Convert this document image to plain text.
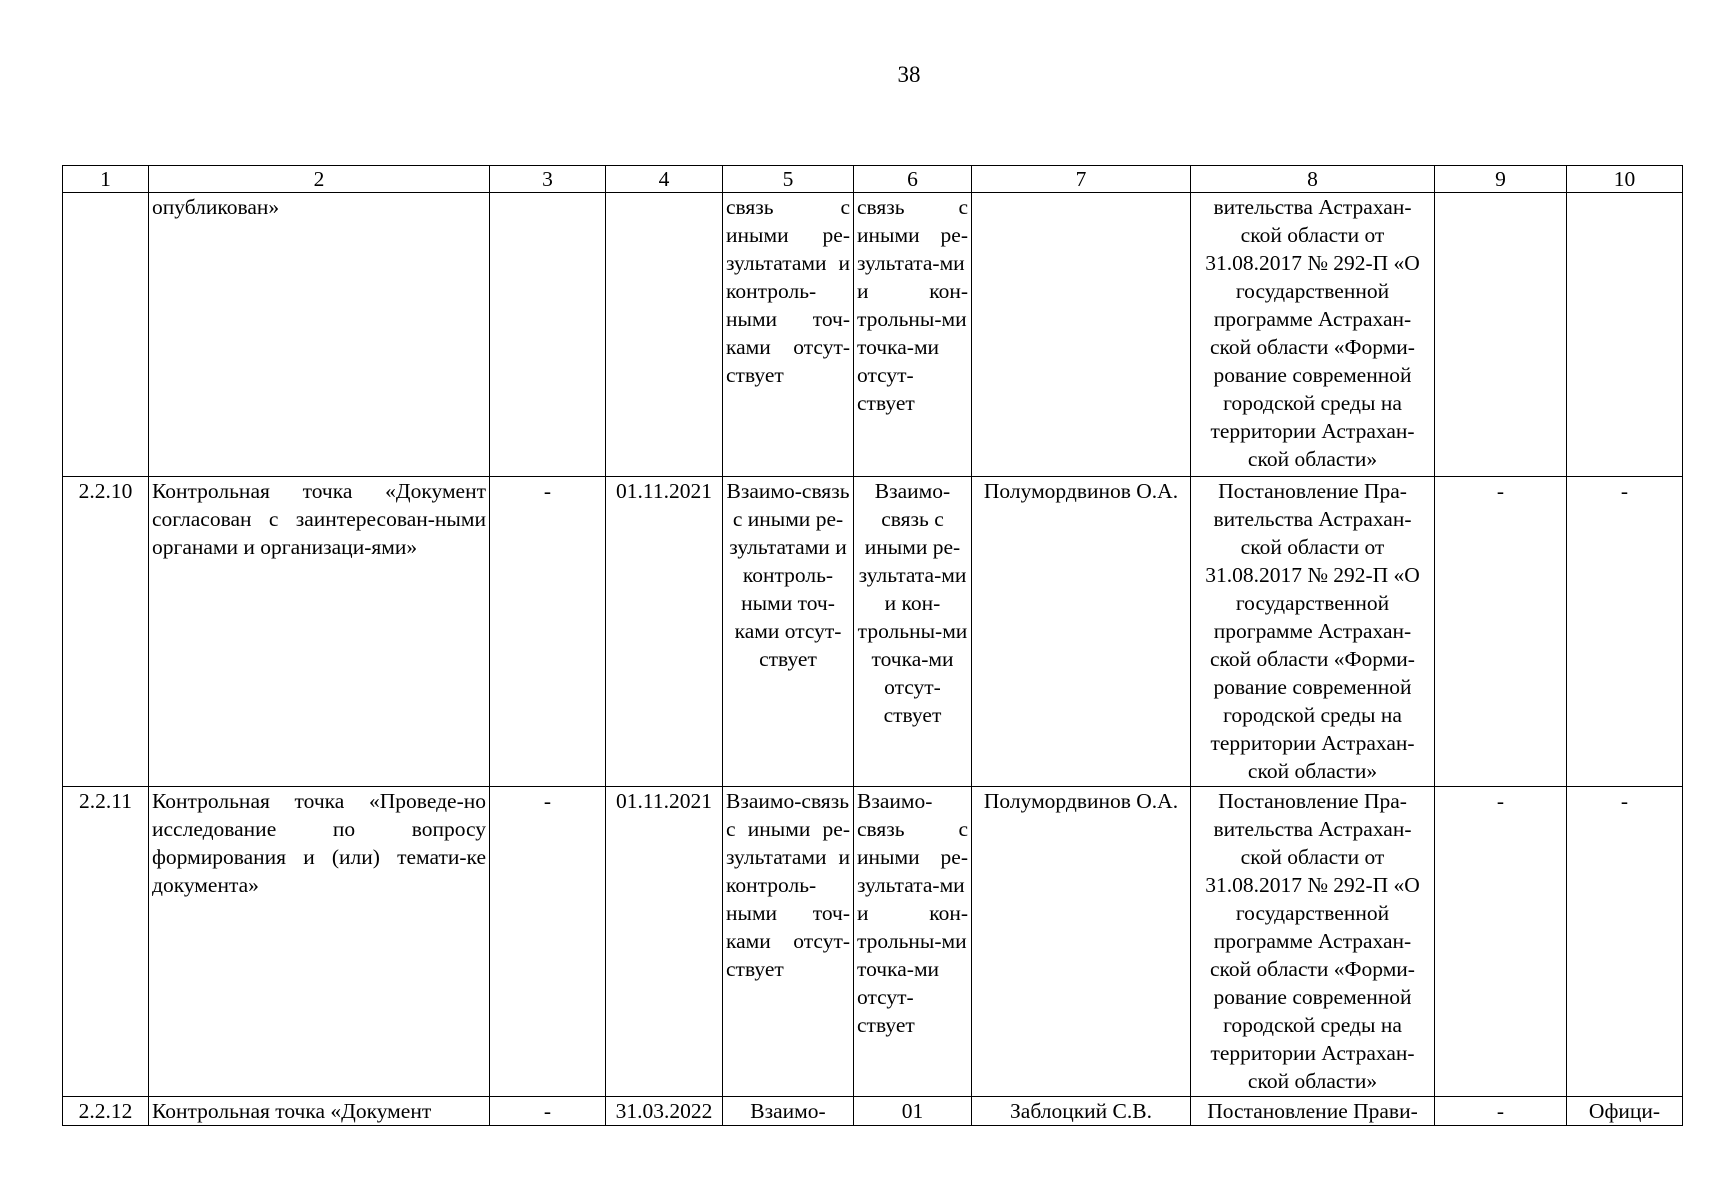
38
1	2	3	4	5	6	7	8	9	10
	опубликован»			связь с иными ре-зультатами и контроль-ными точ-ками отсут-ствует	связь с иными ре-зультата-ми и кон-трольны-ми точка-ми отсут-ствует		вительства Астрахан-ской области от 31.08.2017 № 292-П «О государственной программе Астрахан-ской области «Форми-рование современной городской среды на территории Астрахан-ской области»		
2.2.10	Контрольная точка «Документ согласован с заинтересован-ными органами и организаци-ями»	-	01.11.2021	Взаимо-связь с иными ре-зультатами и контроль-ными точ-ками отсут-ствует	Взаимо-связь с иными ре-зультата-ми и кон-трольны-ми точка-ми отсут-ствует	Полумордвинов О.А.	Постановление Пра-вительства Астрахан-ской области от 31.08.2017 № 292-П «О государственной программе Астрахан-ской области «Форми-рование современной городской среды на территории Астрахан-ской области»	-	-
2.2.11	Контрольная точка «Проведе-но исследование по вопросу формирования и (или) темати-ке документа»	-	01.11.2021	Взаимо-связь с иными ре-зультатами и контроль-ными точ-ками отсут-ствует	Взаимо-связь с иными ре-зультата-ми и кон-трольны-ми точка-ми отсут-ствует	Полумордвинов О.А.	Постановление Пра-вительства Астрахан-ской области от 31.08.2017 № 292-П «О государственной программе Астрахан-ской области «Форми-рование современной городской среды на территории Астрахан-ской области»	-	-
2.2.12	Контрольная точка «Документ	-	31.03.2022	Взаимо-	01	Заблоцкий С.В.	Постановление Прави-	-	Офици-
